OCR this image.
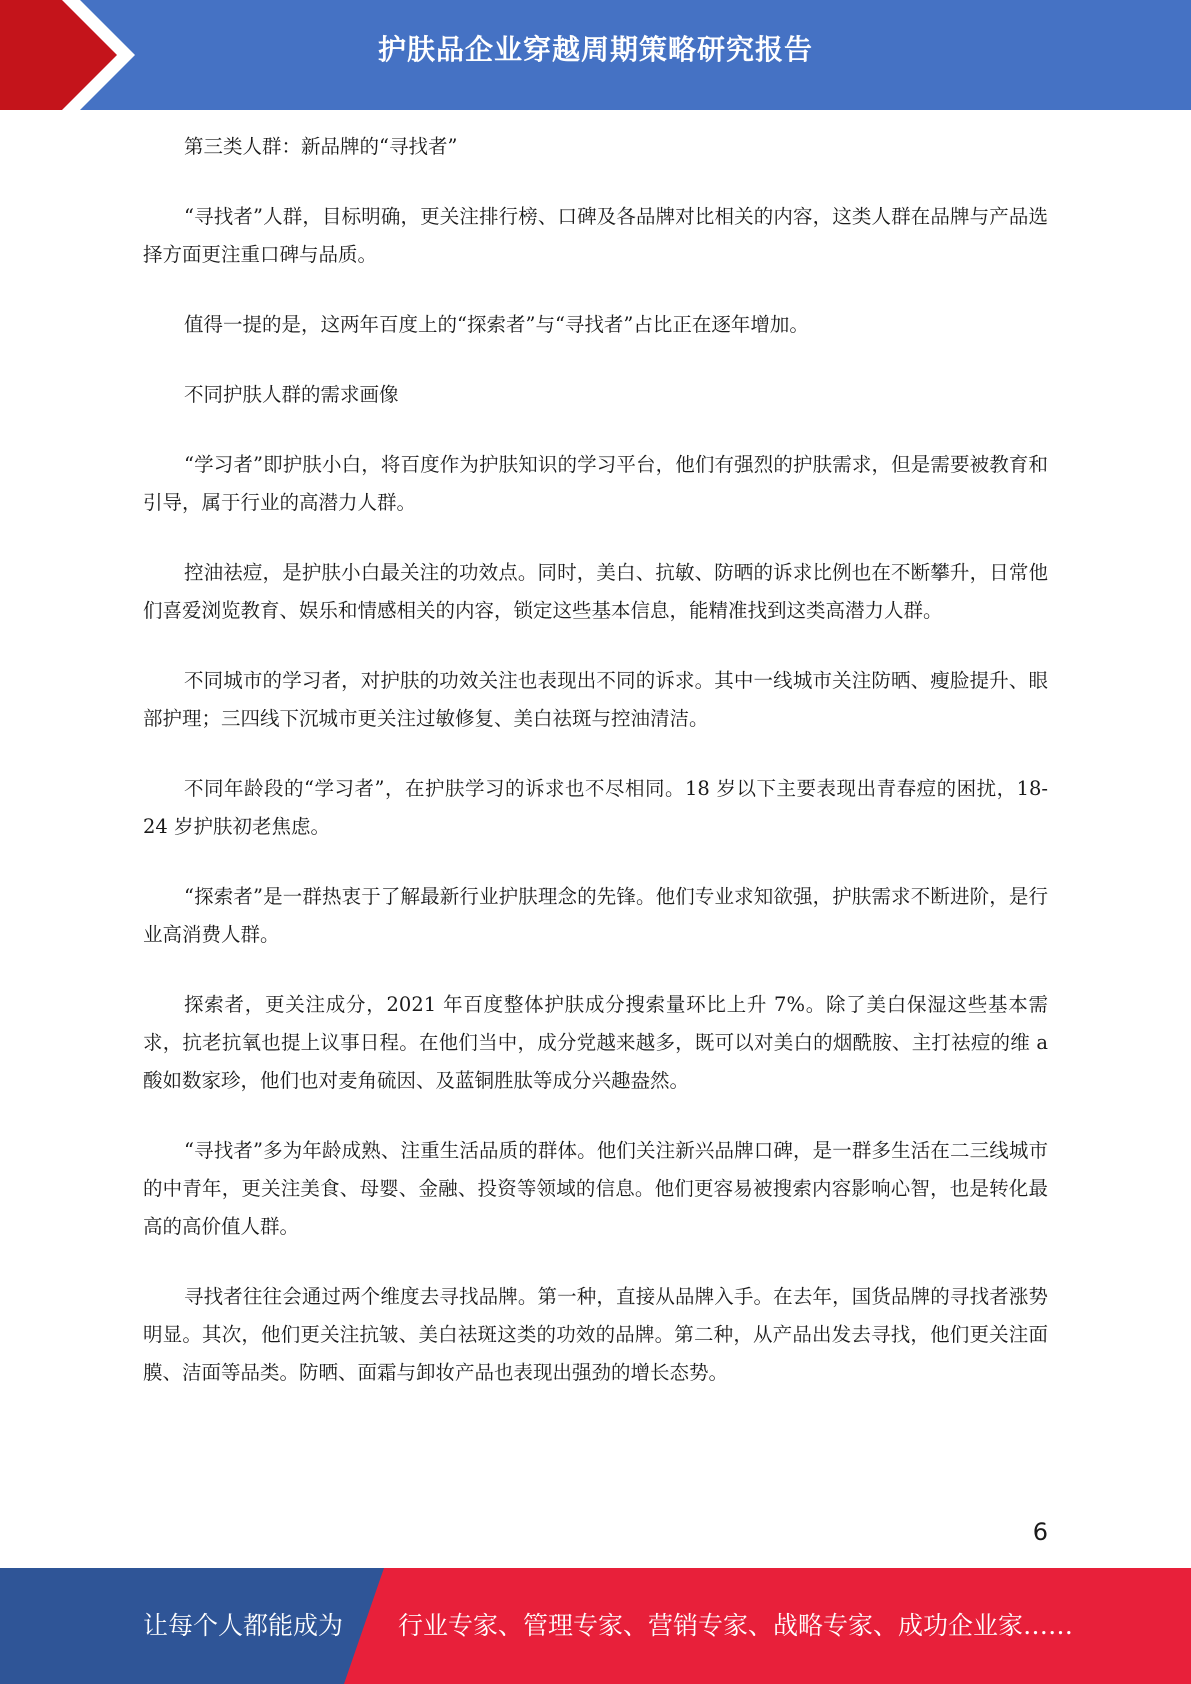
护肤品企业穿越周期策略研究报告

第三类人群：新品牌的“寻找者”

“寻找者”人群，目标明确，更关注排行榜、口碑及各品牌对比相关的内容，这类人群在品牌与产品选择方面更注重口碑与品质。

值得一提的是，这两年百度上的“探索者”与“寻找者”占比正在逐年增加。

不同护肤人群的需求画像

“学习者”即护肤小白，将百度作为护肤知识的学习平台，他们有强烈的护肤需求，但是需要被教育和引导，属于行业的高潜力人群。

控油祛痘，是护肤小白最关注的功效点。同时，美白、抗敏、防晒的诉求比例也在不断攀升，日常他们喜爱浏览教育、娱乐和情感相关的内容，锁定这些基本信息，能精准找到这类高潜力人群。

不同城市的学习者，对护肤的功效关注也表现出不同的诉求。其中一线城市关注防晒、瘦脸提升、眼部护理；三四线下沉城市更关注过敏修复、美白祛斑与控油清洁。

不同年龄段的“学习者”，在护肤学习的诉求也不尽相同。18 岁以下主要表现出青春痘的困扰，18-24 岁护肤初老焦虑。

“探索者”是一群热衷于了解最新行业护肤理念的先锋。他们专业求知欲强，护肤需求不断进阶，是行业高消费人群。

探索者，更关注成分，2021 年百度整体护肤成分搜索量环比上升 7%。除了美白保湿这些基本需求，抗老抗氧也提上议事日程。在他们当中，成分党越来越多，既可以对美白的烟酰胺、主打祛痘的维 a 酸如数家珍，他们也对麦角硫因、及蓝铜胜肽等成分兴趣盎然。

“寻找者”多为年龄成熟、注重生活品质的群体。他们关注新兴品牌口碑，是一群多生活在二三线城市的中青年，更关注美食、母婴、金融、投资等领域的信息。他们更容易被搜索内容影响心智，也是转化最高的高价值人群。

寻找者往往会通过两个维度去寻找品牌。第一种，直接从品牌入手。在去年，国货品牌的寻找者涨势明显。其次，他们更关注抗皱、美白祛斑这类的功效的品牌。第二种，从产品出发去寻找，他们更关注面膜、洁面等品类。防晒、面霜与卸妆产品也表现出强劲的增长态势。

6
让每个人都能成为 行业专家、管理专家、营销专家、战略专家、成功企业家……
